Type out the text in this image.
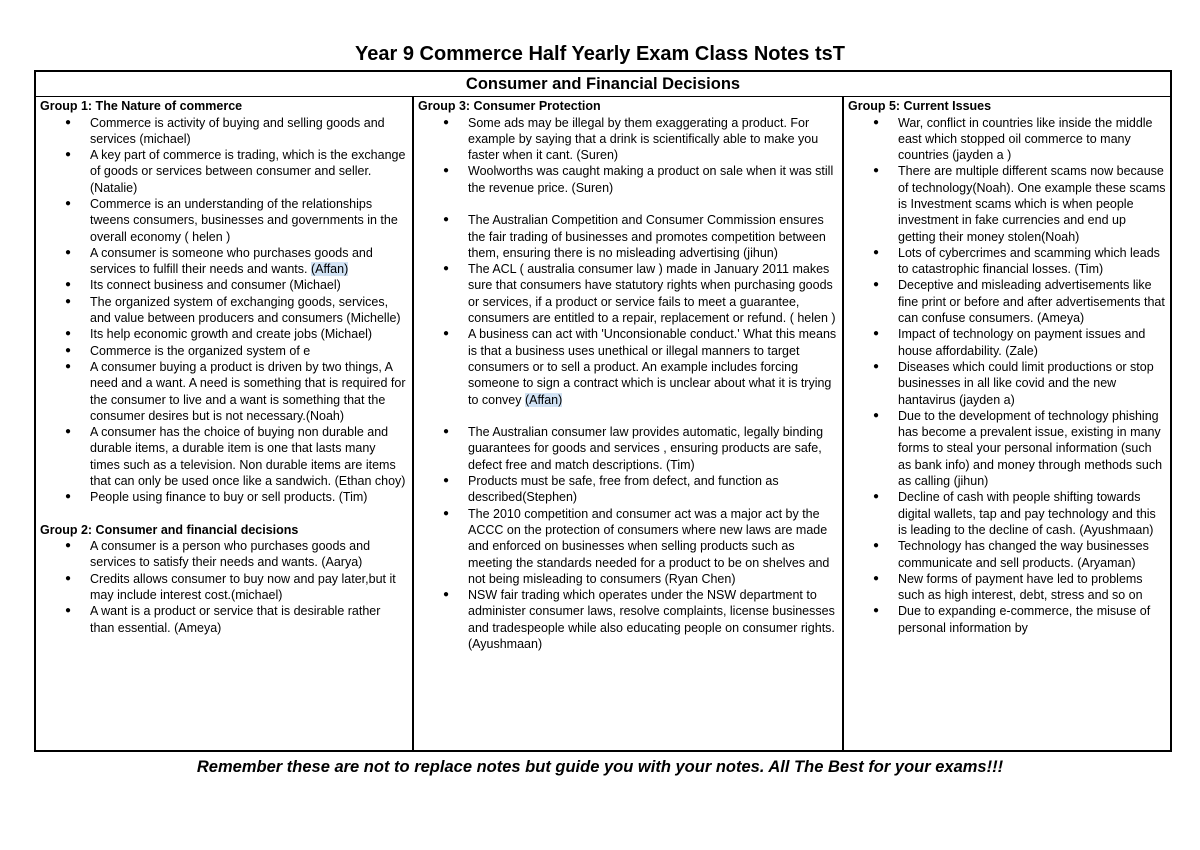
Year 9 Commerce Half Yearly Exam Class Notes tsT
Consumer and Financial Decisions
Group 1: The Nature of commerce
● Commerce is activity of buying and selling goods and services (michael)
● A key part of commerce is trading, which is the exchange of goods or services between consumer and seller. (Natalie)
● Commerce is an understanding of the relationships tweens consumers, businesses and governments in the overall economy ( helen )
● A consumer is someone who purchases goods and services to fulfill their needs and wants. (Affan)
● Its connect business and consumer (Michael)
● The organized system of exchanging goods, services, and value between producers and consumers (Michelle)
● Its help economic growth and create jobs (Michael)
● Commerce is the organized system of e
● A consumer buying a product is driven by two things, A need and a want. A need is something that is required for the consumer to live and a want is something that the consumer desires but is not necessary.(Noah)
● A consumer has the choice of buying non durable and durable items, a durable item is one that lasts many times such as a television. Non durable items are items that can only be used once like a sandwich. (Ethan choy)
● People using finance to buy or sell products. (Tim)
Group 2: Consumer and financial decisions
● A consumer is a person who purchases goods and services to satisfy their needs and wants. (Aarya)
● Credits allows consumer to buy now and pay later,but it may include interest cost.(michael)
● A want is a product or service that is desirable rather than essential. (Ameya)
Group 3: Consumer Protection
● Some ads may be illegal by them exaggerating a product. For example by saying that a drink is scientifically able to make you faster when it cant. (Suren)
● Woolworths was caught making a product on sale when it was still the revenue price. (Suren)
● The Australian Competition and Consumer Commission ensures the fair trading of businesses and promotes competition between them, ensuring there is no misleading advertising (jihun)
● The ACL ( australia consumer law ) made in January 2011 makes sure that consumers have statutory rights when purchasing goods or services, if a product or service fails to meet a guarantee, consumers are entitled to a repair, replacement or refund. ( helen )
● A business can act with 'Unconsionable conduct.' What this means is that a business uses unethical or illegal manners to target consumers or to sell a product. An example includes forcing someone to sign a contract which is unclear about what it is trying to convey (Affan)
● The Australian consumer law provides automatic, legally binding guarantees for goods and services , ensuring products are safe, defect free and match descriptions. (Tim)
● Products must be safe, free from defect, and function as described(Stephen)
● The 2010 competition and consumer act was a major act by the ACCC on the protection of consumers where new laws are made and enforced on businesses when selling products such as meeting the standards needed for a product to be on shelves and not being misleading to consumers (Ryan Chen)
● NSW fair trading which operates under the NSW department to administer consumer laws, resolve complaints, license businesses and tradespeople while also educating people on consumer rights. (Ayushmaan)
Group 5: Current Issues
● War, conflict in countries like inside the middle east which stopped oil commerce to many countries (jayden a )
● There are multiple different scams now because of technology(Noah). One example these scams is Investment scams which is when people investment in fake currencies and end up getting their money stolen(Noah)
● Lots of cybercrimes and scamming which leads to catastrophic financial losses. (Tim)
● Deceptive and misleading advertisements like fine print or before and after advertisements that can confuse consumers. (Ameya)
● Impact of technology on payment issues and house affordability. (Zale)
● Diseases which could limit productions or stop businesses in all like covid and the new hantavirus (jayden a)
● Due to the development of technology phishing has become a prevalent issue, existing in many forms to steal your personal information (such as bank info) and money through methods such as calling (jihun)
● Decline of cash with people shifting towards digital wallets, tap and pay technology and this is leading to the decline of cash. (Ayushmaan)
● Technology has changed the way businesses communicate and sell products. (Aryaman)
● New forms of payment have led to problems such as high interest, debt, stress and so on
● Due to expanding e-commerce, the misuse of personal information by
Remember these are not to replace notes but guide you with your notes. All The Best for your exams!!!
